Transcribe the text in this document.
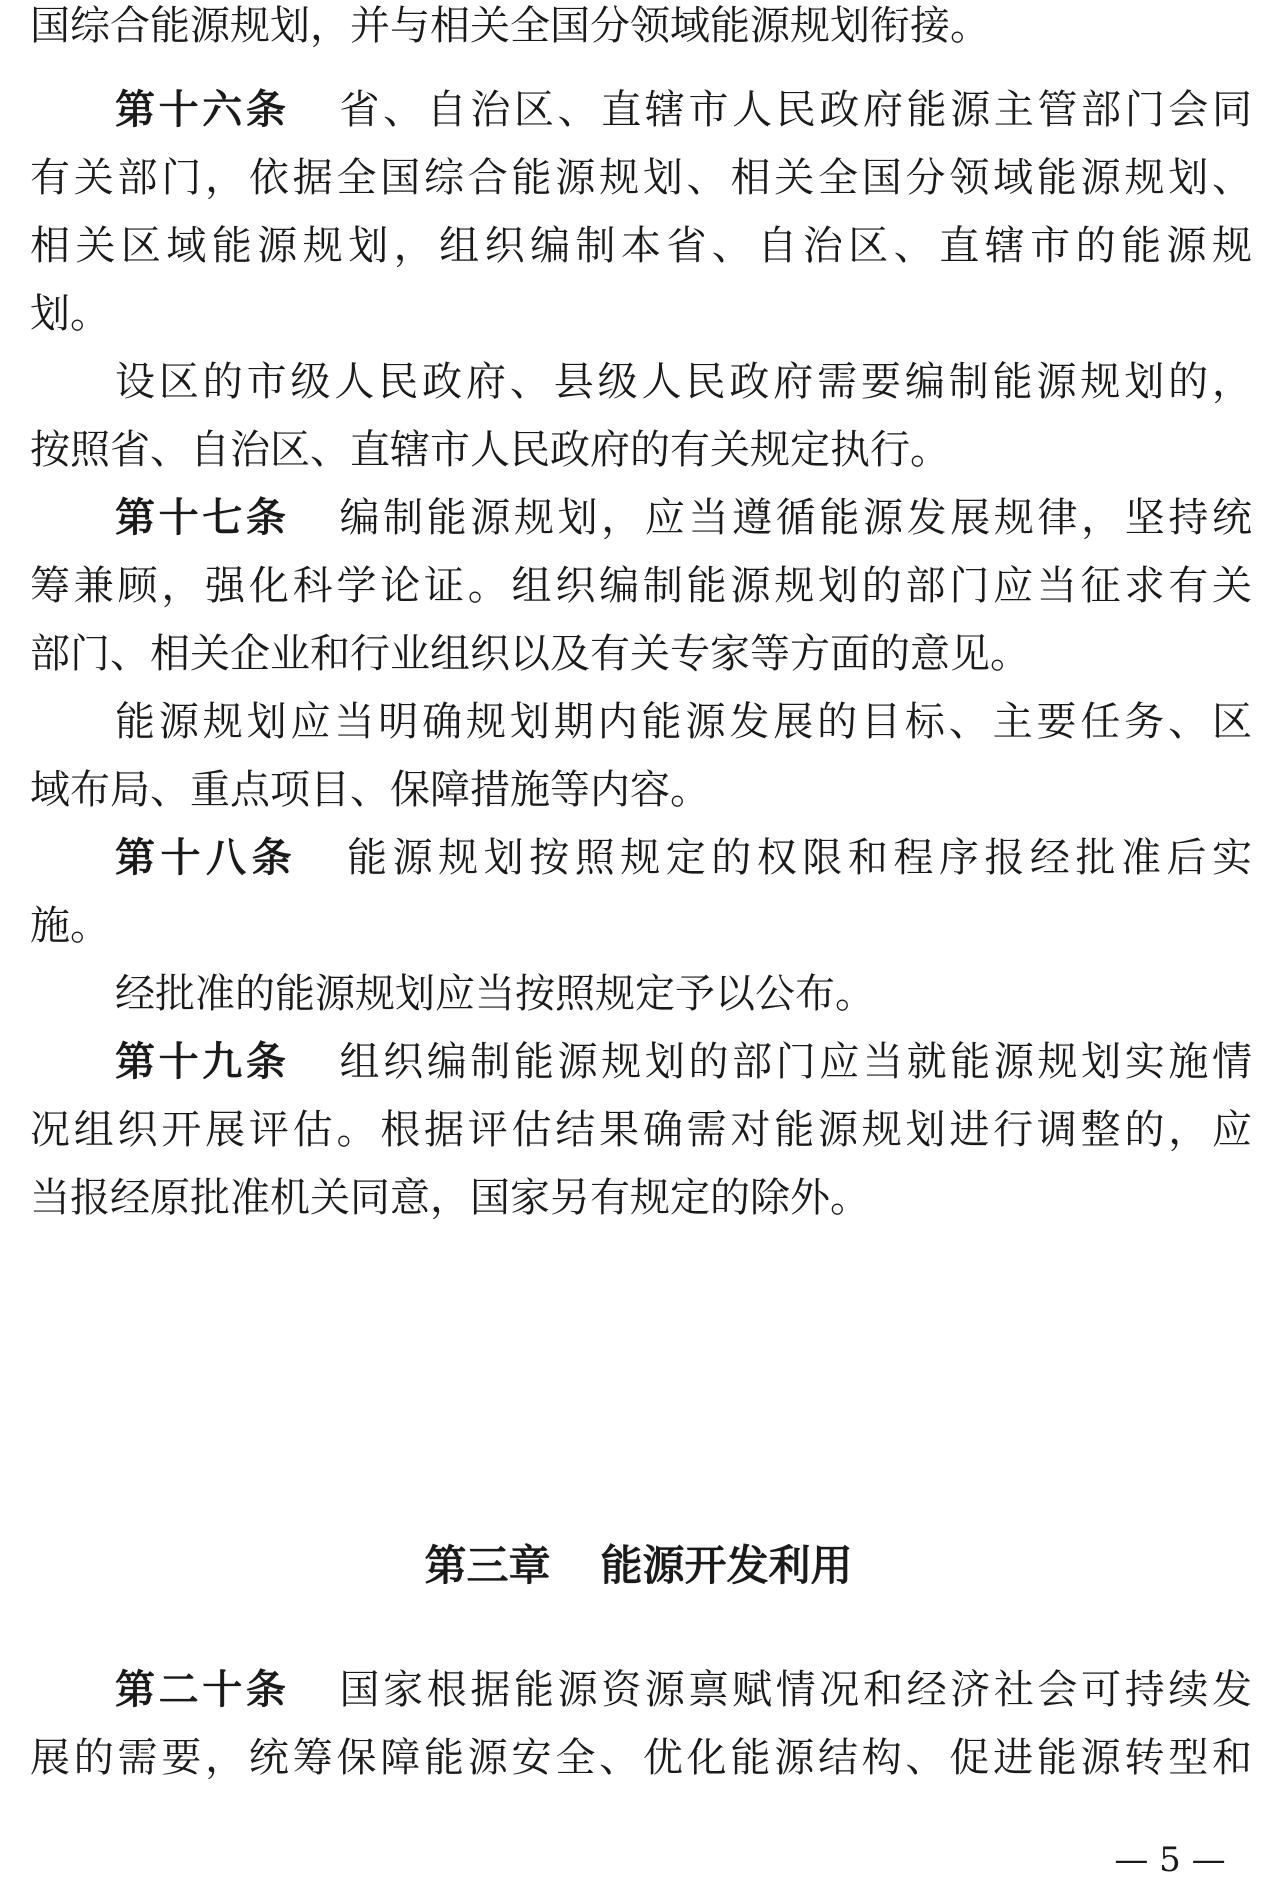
国综合能源规划，并与相关全国分领域能源规划衔接。
第十六条 省、自治区、直辖市人民政府能源主管部门会同
有关部门，依据全国综合能源规划、相关全国分领域能源规划、
相关区域能源规划，组织编制本省、自治区、直辖市的能源规
划。
设区的市级人民政府、县级人民政府需要编制能源规划的，
按照省、自治区、直辖市人民政府的有关规定执行。
第十七条 编制能源规划，应当遵循能源发展规律，坚持统
筹兼顾，强化科学论证。组织编制能源规划的部门应当征求有关
部门、相关企业和行业组织以及有关专家等方面的意见。
能源规划应当明确规划期内能源发展的目标、主要任务、区
域布局、重点项目、保障措施等内容。
第十八条 能源规划按照规定的权限和程序报经批准后实
施。
经批准的能源规划应当按照规定予以公布。
第十九条 组织编制能源规划的部门应当就能源规划实施情
况组织开展评估。根据评估结果确需对能源规划进行调整的，应
当报经原批准机关同意，国家另有规定的除外。
第三章 能源开发利用
第二十条 国家根据能源资源禀赋情况和经济社会可持续发
展的需要，统筹保障能源安全、优化能源结构、促进能源转型和
— 5 —
